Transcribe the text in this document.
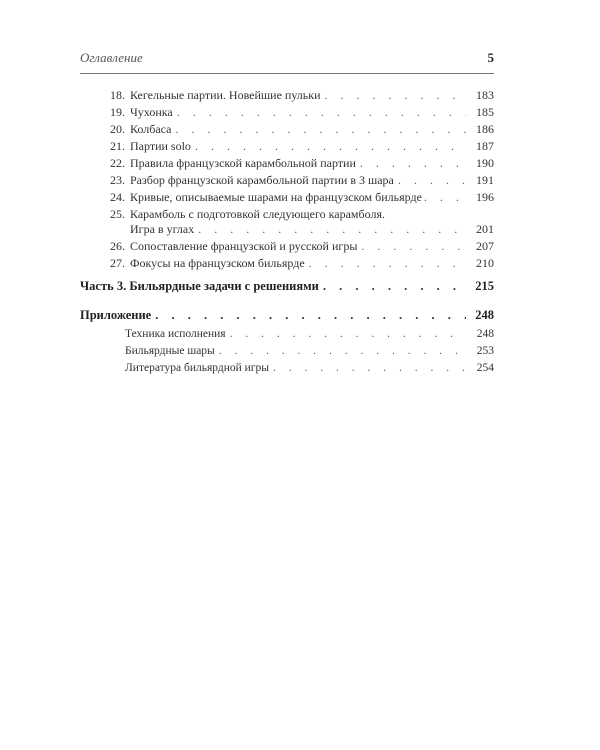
Оглавление	5
18. Кегельные партии. Новейшие пульки . . .	183
19. Чухонка . . .	185
20. Колбаса . . .	186
21. Партии solo . . .	187
22. Правила французской карамбольной партии . . .	190
23. Разбор французской карамбольной партии в 3 шара . . .	191
24. Кривые, описываемые шарами на французском бильярде . . .	196
25. Карамболь с подготовкой следующего карамболя.
Игра в углах . . .	201
26. Сопоставление французской и русской игры . . .	207
27. Фокусы на французском бильярде . . .	210
Часть 3. Бильярдные задачи с решениями . . .	215
Приложение . . .	248
Техника исполнения . . .	248
Бильярдные шары . . .	253
Литература бильярдной игры . . .	254
